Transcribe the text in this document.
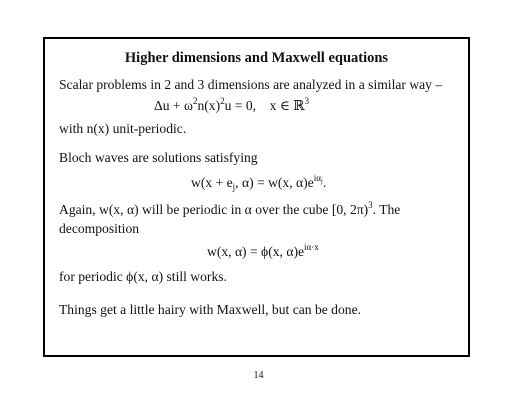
Higher dimensions and Maxwell equations

Scalar problems in 2 and 3 dimensions are analyzed in a similar way –

$\Delta u + \omega^2n(x)^2u = 0$, x ∈ ℝ$^3$

with n(x) unit-periodic.

Bloch waves are solutions satisfying

$w(x + e_j$, α) = w(x, $\alpha)e^{i\alpha_j}$.

Again, w(x, α) will be periodic in α over the cube [0, 2π)$^3$. The decomposition

w(x, α) = ϕ(x, $\alpha)e^{i\alpha\cdot x}$

for periodic ϕ(x, α) still works.

Things get a little hairy with Maxwell, but can be done.

14
